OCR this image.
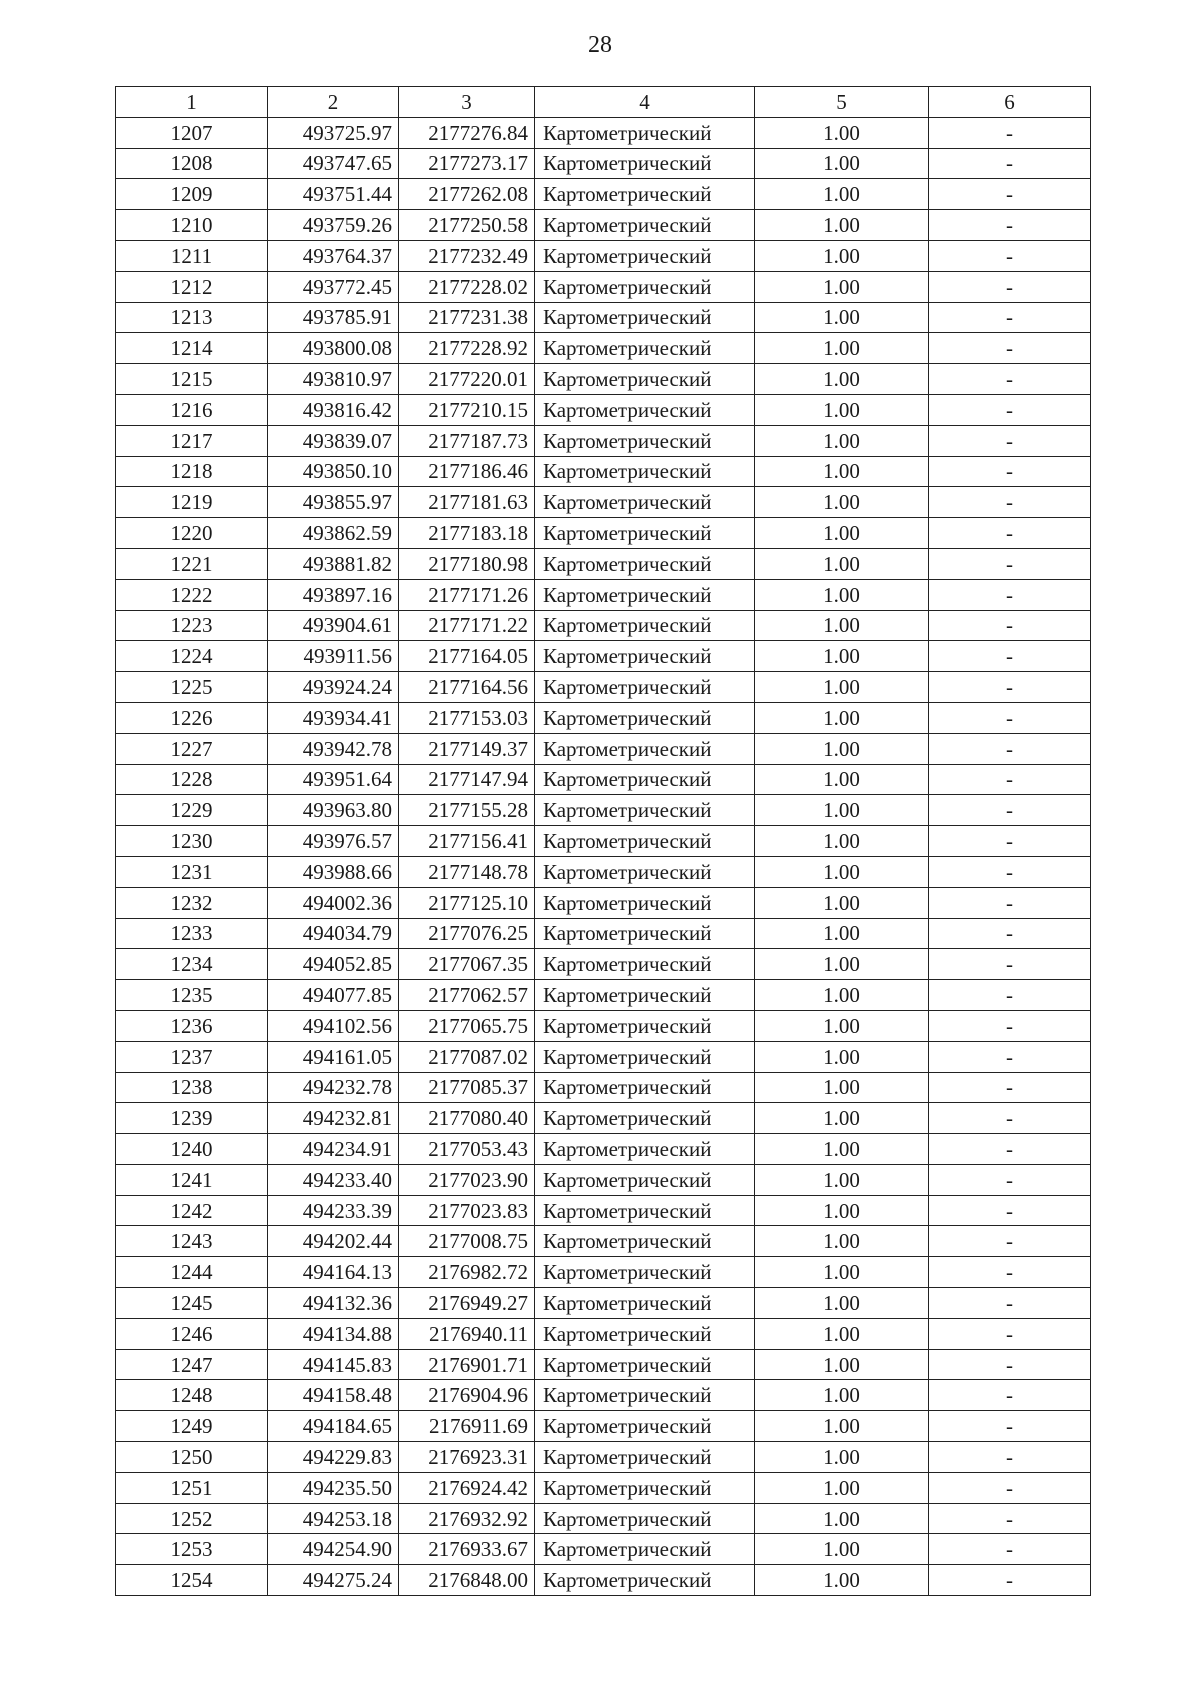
28
1	2	3	4	5	6
1207	493725.97	2177276.84	Картометрический	1.00	-
1208	493747.65	2177273.17	Картометрический	1.00	-
1209	493751.44	2177262.08	Картометрический	1.00	-
1210	493759.26	2177250.58	Картометрический	1.00	-
1211	493764.37	2177232.49	Картометрический	1.00	-
1212	493772.45	2177228.02	Картометрический	1.00	-
1213	493785.91	2177231.38	Картометрический	1.00	-
1214	493800.08	2177228.92	Картометрический	1.00	-
1215	493810.97	2177220.01	Картометрический	1.00	-
1216	493816.42	2177210.15	Картометрический	1.00	-
1217	493839.07	2177187.73	Картометрический	1.00	-
1218	493850.10	2177186.46	Картометрический	1.00	-
1219	493855.97	2177181.63	Картометрический	1.00	-
1220	493862.59	2177183.18	Картометрический	1.00	-
1221	493881.82	2177180.98	Картометрический	1.00	-
1222	493897.16	2177171.26	Картометрический	1.00	-
1223	493904.61	2177171.22	Картометрический	1.00	-
1224	493911.56	2177164.05	Картометрический	1.00	-
1225	493924.24	2177164.56	Картометрический	1.00	-
1226	493934.41	2177153.03	Картометрический	1.00	-
1227	493942.78	2177149.37	Картометрический	1.00	-
1228	493951.64	2177147.94	Картометрический	1.00	-
1229	493963.80	2177155.28	Картометрический	1.00	-
1230	493976.57	2177156.41	Картометрический	1.00	-
1231	493988.66	2177148.78	Картометрический	1.00	-
1232	494002.36	2177125.10	Картометрический	1.00	-
1233	494034.79	2177076.25	Картометрический	1.00	-
1234	494052.85	2177067.35	Картометрический	1.00	-
1235	494077.85	2177062.57	Картометрический	1.00	-
1236	494102.56	2177065.75	Картометрический	1.00	-
1237	494161.05	2177087.02	Картометрический	1.00	-
1238	494232.78	2177085.37	Картометрический	1.00	-
1239	494232.81	2177080.40	Картометрический	1.00	-
1240	494234.91	2177053.43	Картометрический	1.00	-
1241	494233.40	2177023.90	Картометрический	1.00	-
1242	494233.39	2177023.83	Картометрический	1.00	-
1243	494202.44	2177008.75	Картометрический	1.00	-
1244	494164.13	2176982.72	Картометрический	1.00	-
1245	494132.36	2176949.27	Картометрический	1.00	-
1246	494134.88	2176940.11	Картометрический	1.00	-
1247	494145.83	2176901.71	Картометрический	1.00	-
1248	494158.48	2176904.96	Картометрический	1.00	-
1249	494184.65	2176911.69	Картометрический	1.00	-
1250	494229.83	2176923.31	Картометрический	1.00	-
1251	494235.50	2176924.42	Картометрический	1.00	-
1252	494253.18	2176932.92	Картометрический	1.00	-
1253	494254.90	2176933.67	Картометрический	1.00	-
1254	494275.24	2176848.00	Картометрический	1.00	-
